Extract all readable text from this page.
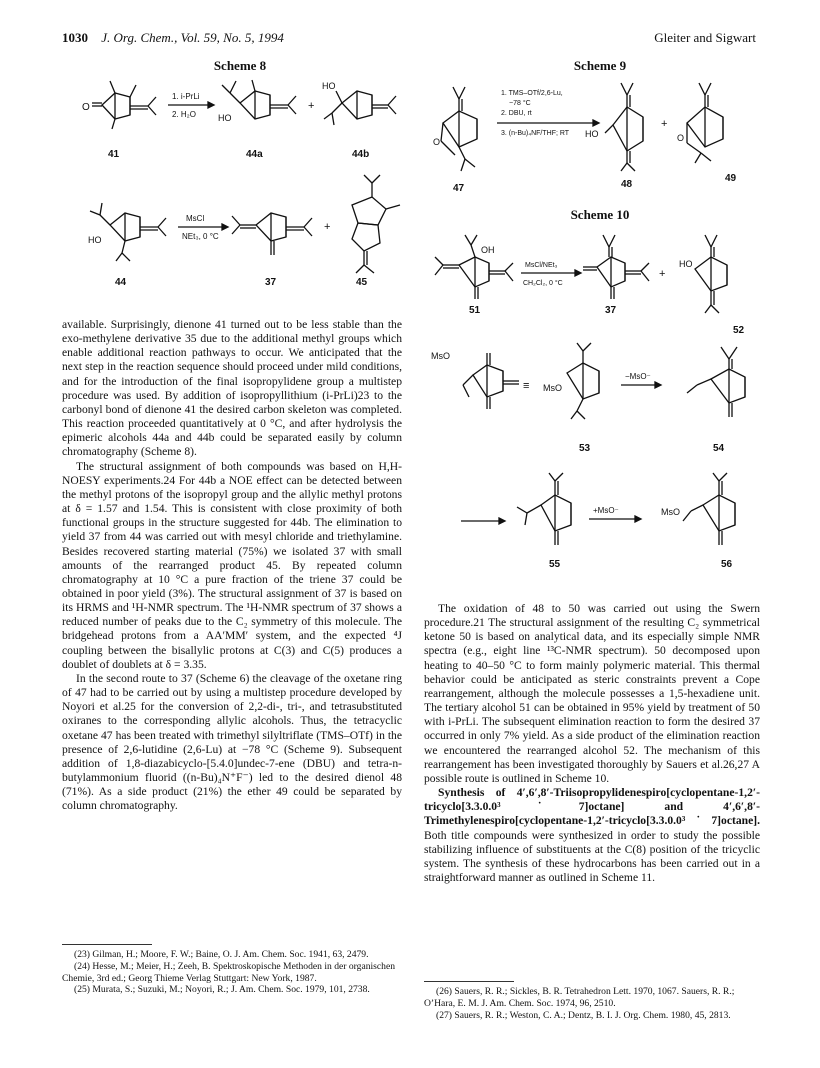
1030 J. Org. Chem., Vol. 59, No. 5, 1994	Gleiter and Sigwart
Scheme 8
O
41
1. i-PrLi
2. H₂O HO
44a
+
HO
44b
HO
44
MsCl
NEt₃, 0 °C
37
+
45
Scheme 9
O
47
1. TMS–OTf/2,6-Lu,
−78 °C
2. DBU, rt
3. (n-Bu)₄NF/THF; RT HO
48
+
O
49
Scheme 10
OH
51
MsCl/NEt₃
CH₂Cl₂, 0 °C
37
+
HO
52
MsO
≡ MsO
53
−MsO⁻
54
55
+MsO⁻	MsO
56

available. Surprisingly, dienone 41 turned out to be less stable than the exo-methylene derivative 35 due to the additional methyl groups which enable additional reaction pathways to occur. We anticipated that the next step in the reaction sequence should proceed under mild conditions, and for the introduction of the final isopropylidene group a multistep procedure was used. By addition of isopropyllithium (i-PrLi)23 to the carbonyl bond of dienone 41 the desired carbon skeleton was completed. This reaction proceeded quantitatively at 0 °C, and after hydrolysis the epimeric alcohols 44a and 44b could be separated easily by column chromatography (Scheme 8).

The structural assignment of both compounds was based on H,H-NOESY experiments.24 For 44b a NOE effect can be detected between the methyl protons of the isopropyl group and the allylic methyl protons at δ = 1.57 and 1.54. This is consistent with close proximity of both functional groups in the structure suggested for 44b. The elimination to yield 37 from 44 was carried out with mesyl chloride and triethylamine. Besides recovered starting material (75%) we isolated 37 with small amounts of the rearranged product 45. By repeated column chromatography at 10 °C a pure fraction of the triene 37 could be obtained in poor yield (3%). The structural assignment of 37 is based on its HRMS and ¹H-NMR spectrum. The ¹H-NMR spectrum of 37 shows a reduced number of peaks due to the C₂ symmetry of this molecule. The bridgehead protons from a AA′MM′ system, and the expected ⁴J coupling between the bisallylic protons at C(3) and C(5) produces a doublet of doublets at δ = 3.35.

In the second route to 37 (Scheme 6) the cleavage of the oxetane ring of 47 had to be carried out by using a multistep procedure developed by Noyori et al.25 for the conversion of 2,2-di-, tri-, and tetrasubstituted oxiranes to the corresponding allylic alcohols. Thus, the tetracyclic oxetane 47 has been treated with trimethyl silyltriflate (TMS–OTf) in the presence of 2,6-lutidine (2,6-Lu) at −78 °C (Scheme 9). Subsequent addition of 1,8-diazabicyclo-[5.4.0]undec-7-ene (DBU) and tetra-n-butylammonium fluorid ((n-Bu)₄N⁺F⁻) led to the desired dienol 48 (71%). As a side product (21%) the ether 49 could be separated by column chromatography.

(23) Gilman, H.; Moore, F. W.; Baine, O. J. Am. Chem. Soc. 1941, 63, 2479.

(24) Hesse, M.; Meier, H.; Zeeh, B. Spektroskopische Methoden in der organischen Chemie, 3rd ed.; Georg Thieme Verlag Stuttgart: New York, 1987.

(25) Murata, S.; Suzuki, M.; Noyori, R.; J. Am. Chem. Soc. 1979, 101, 2738.

The oxidation of 48 to 50 was carried out using the Swern procedure.21 The structural assignment of the resulting C₂ symmetrical ketone 50 is based on analytical data, and its especially simple NMR spectra (e.g., eight line ¹³C-NMR spectrum). 50 decomposed upon heating to 40–50 °C to form mainly polymeric material. This thermal behavior could be anticipated as steric constraints prevent a Cope rearrangement, although the molecule possesses a 1,5-hexadiene unit. The tertiary alcohol 51 can be obtained in 95% yield by treatment of 50 with i-PrLi. The subsequent elimination reaction to form the desired 37 occurred in only 7% yield. As a side product of the elimination reaction we encountered the rearranged alcohol 52. The mechanism of this rearrangement has been investigated thoroughly by Sauers et al.26,27 A possible route is outlined in Scheme 10.

Synthesis of 4′,6′,8′-Triisopropylidenespiro[cyclopentane-1,2′-tricyclo[3.3.0.0³˙7]octane] and 4′,6′,8′-Trimethylenespiro[cyclopentane-1,2′-tricyclo[3.3.0.0³˙7]octane]. Both title compounds were synthesized in order to study the possible stabilizing influence of substituents at the C(8) position of the tricyclic system. The synthesis of these hydrocarbons has been carried out in a straightforward manner as outlined in Scheme 11.

(26) Sauers, R. R.; Sickles, B. R. Tetrahedron Lett. 1970, 1067. Sauers, R. R.; O’Hara, E. M. J. Am. Chem. Soc. 1974, 96, 2510.

(27) Sauers, R. R.; Weston, C. A.; Dentz, B. I. J. Org. Chem. 1980, 45, 2813.
